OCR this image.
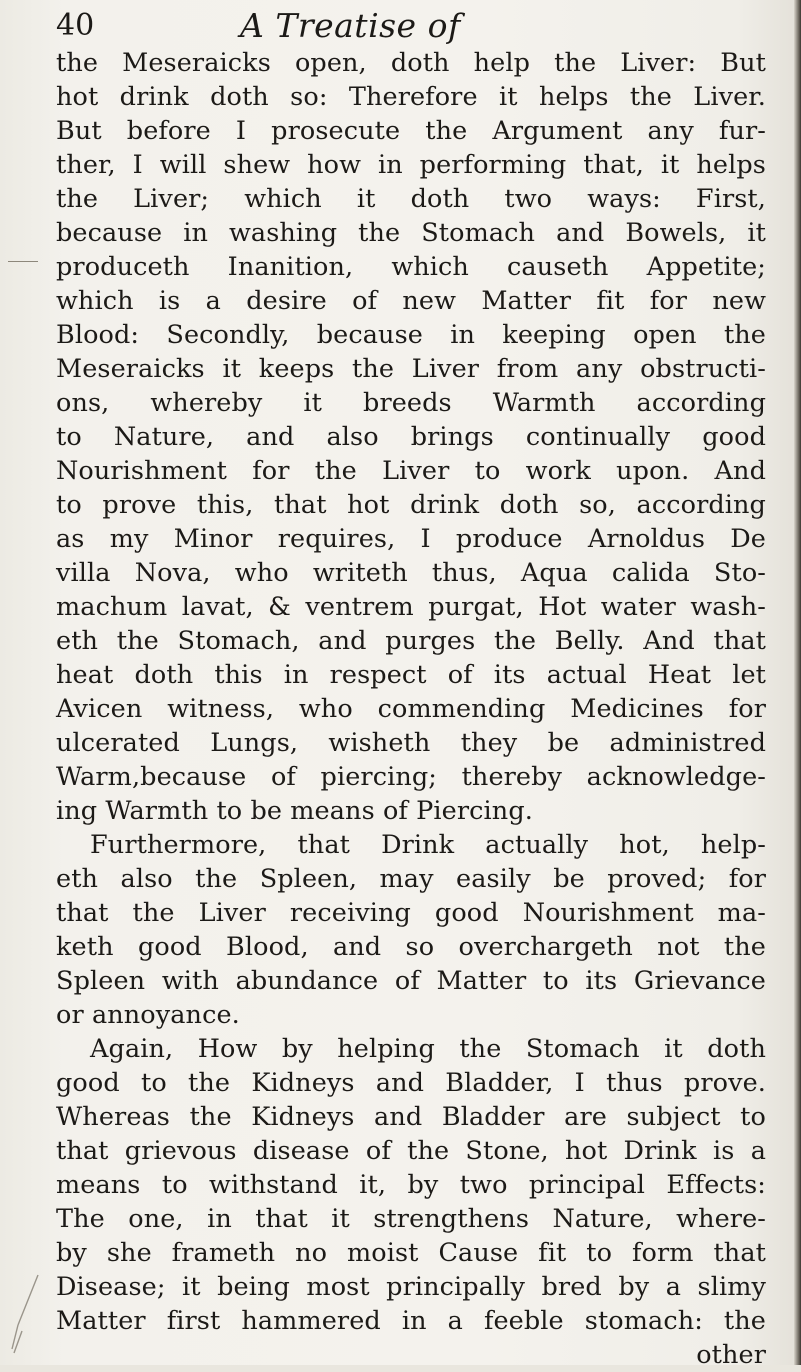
40	A Treatise of
the Meseraicks open, doth help the Liver: But
hot drink doth so: Therefore it helps the Liver.
But before I prosecute the Argument any fur-
ther, I will shew how in performing that, it helps
the Liver; which it doth two ways: First,
because in washing the Stomach and Bowels, it
produceth Inanition, which causeth Appetite;
which is a desire of new Matter fit for new
Blood: Secondly, because in keeping open the
Meseraicks it keeps the Liver from any obstructi-
ons, whereby it breeds Warmth according
to Nature, and also brings continually good
Nourishment for the Liver to work upon. And
to prove this, that hot drink doth so, according
as my Minor requires, I produce Arnoldus De
villa Nova, who writeth thus, Aqua calida Sto-
machum lavat, & ventrem purgat, Hot water wash-
eth the Stomach, and purges the Belly. And that
heat doth this in respect of its actual Heat let
Avicen witness, who commending Medicines for
ulcerated Lungs, wisheth they be administred
Warm,because of piercing; thereby acknowledge-
ing Warmth to be means of Piercing.
Furthermore, that Drink actually hot, help-
eth also the Spleen, may easily be proved; for
that the Liver receiving good Nourishment ma-
keth good Blood, and so overchargeth not the
Spleen with abundance of Matter to its Grievance
or annoyance.
Again, How by helping the Stomach it doth
good to the Kidneys and Bladder, I thus prove.
Whereas the Kidneys and Bladder are subject to
that grievous disease of the Stone, hot Drink is a
means to withstand it, by two principal Effects:
The one, in that it strengthens Nature, where-
by she frameth no moist Cause fit to form that
Disease; it being most principally bred by a slimy
Matter first hammered in a feeble stomach: the
other
